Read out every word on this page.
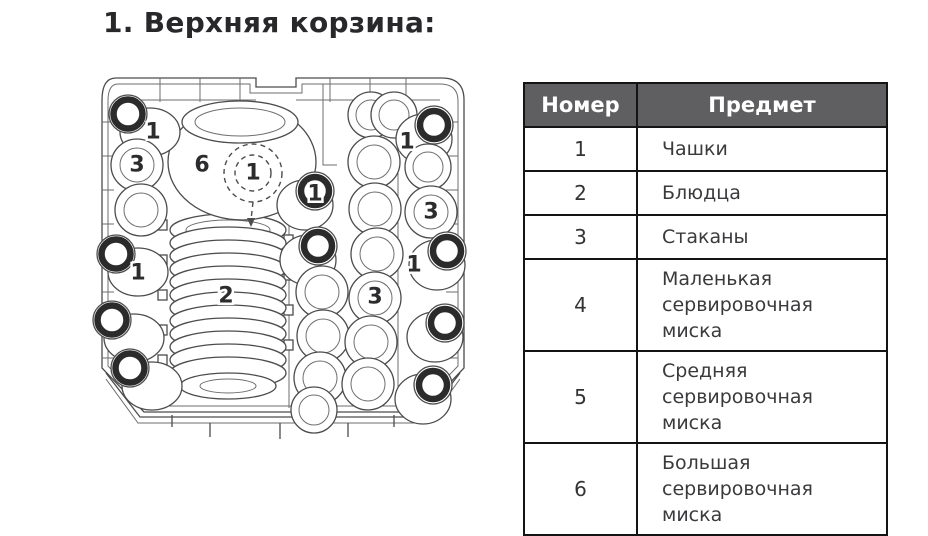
1. Верхняя корзина:
1
3 6 1
1
1
3
1	1
2	3
Номер	Предмет
1	Чашки
2	Блюдца
3	Стаканы
4	Маленькая сервировочная миска
5	Средняя сервировочная миска
6	Большая сервировочная миска
